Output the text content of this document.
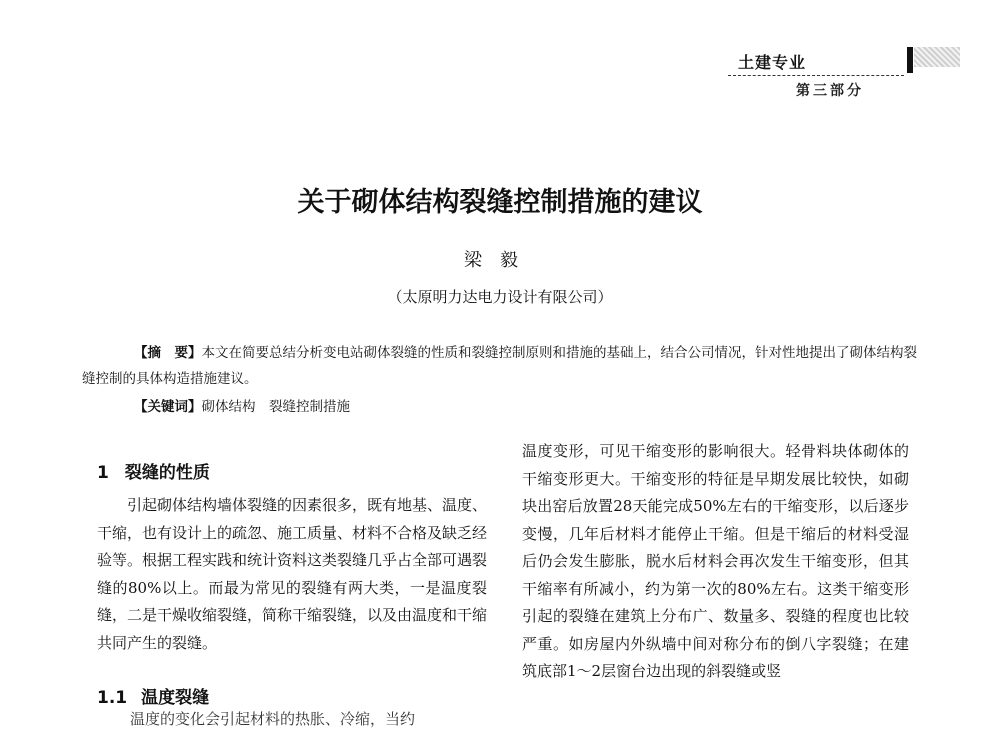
土建专业
第三部分
关于砌体结构裂缝控制措施的建议
梁毅
（太原明力达电力设计有限公司）
【摘　要】本文在简要总结分析变电站砌体裂缝的性质和裂缝控制原则和措施的基础上，结合公司情况，针对性地提出了砌体结构裂缝控制的具体构造措施建议。
【关键词】砌体结构　裂缝控制措施
1 裂缝的性质
引起砌体结构墙体裂缝的因素很多，既有地基、温度、干缩，也有设计上的疏忽、施工质量、材料不合格及缺乏经验等。根据工程实践和统计资料这类裂缝几乎占全部可遇裂缝的80%以上。而最为常见的裂缝有两大类，一是温度裂缝，二是干燥收缩裂缝，简称干缩裂缝，以及由温度和干缩共同产生的裂缝。
1.1 温度裂缝
温度的变化会引起材料的热胀、冷缩，当约
温度变形，可见干缩变形的影响很大。轻骨料块体砌体的干缩变形更大。干缩变形的特征是早期发展比较快，如砌块出窑后放置28天能完成50%左右的干缩变形，以后逐步变慢，几年后材料才能停止干缩。但是干缩后的材料受湿后仍会发生膨胀，脱水后材料会再次发生干缩变形，但其干缩率有所减小，约为第一次的80%左右。这类干缩变形引起的裂缝在建筑上分布广、数量多、裂缝的程度也比较严重。如房屋内外纵墙中间对称分布的倒八字裂缝；在建筑底部1～2层窗台边出现的斜裂缝或竖
